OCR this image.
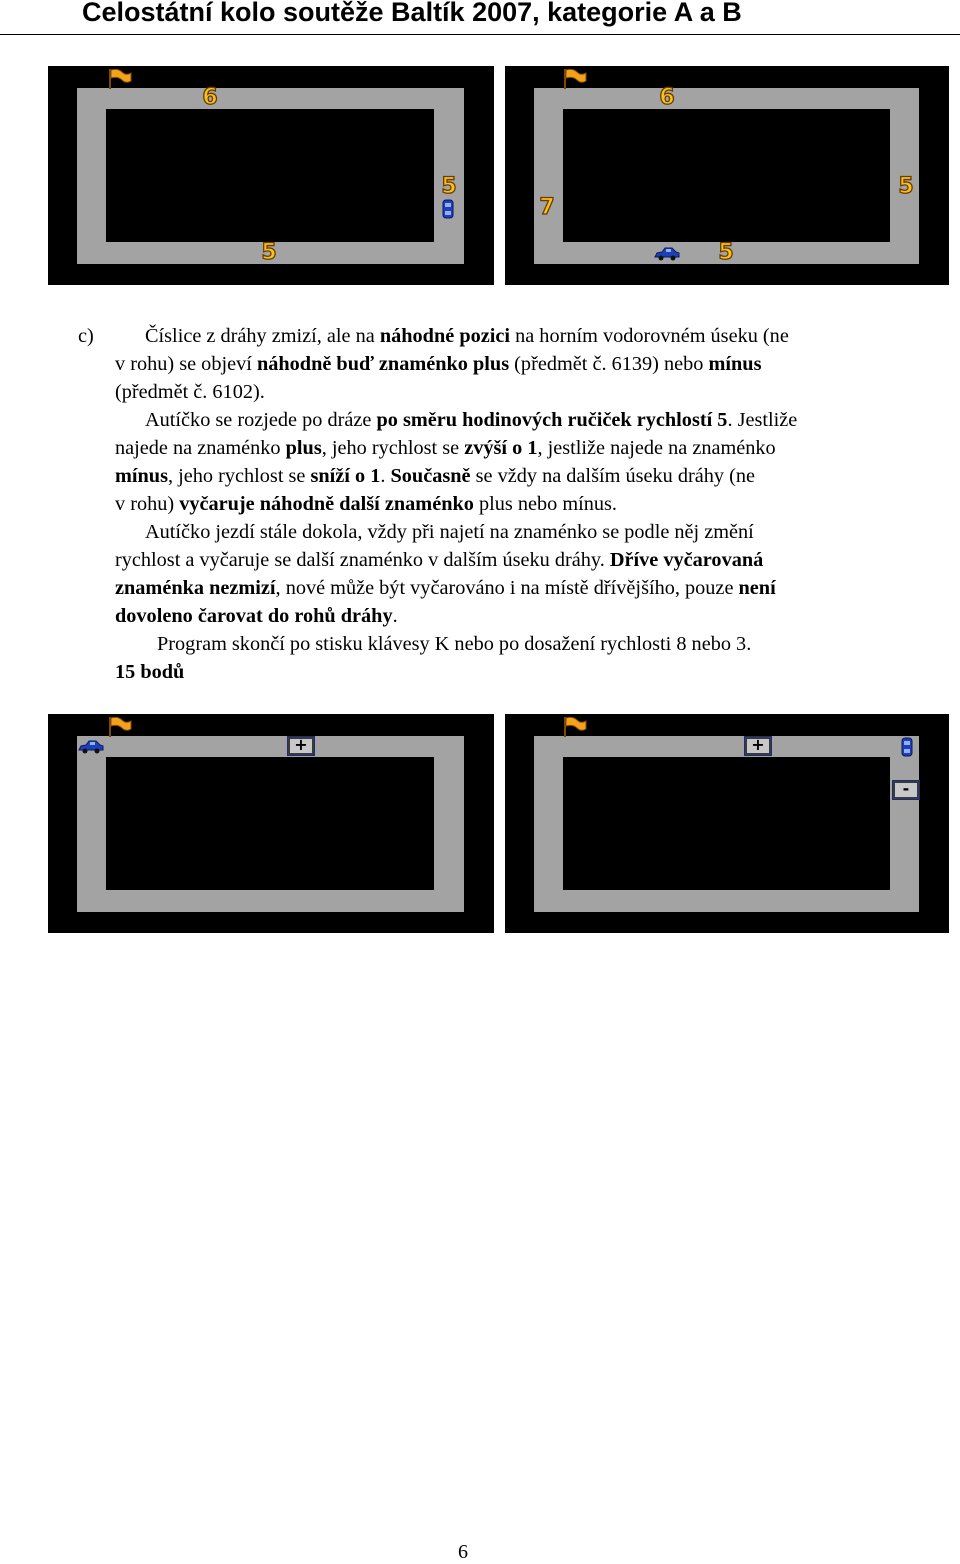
Celostátní kolo soutěže Baltík 2007, kategorie A a B
6
5
5
6
5
7
5
c)	Číslice z dráhy zmizí, ale na náhodné pozici na horním vodorovném úseku (ne

v rohu) se objeví náhodně buď znaménko plus (předmět č. 6139) nebo mínus

(předmět č. 6102).

Autíčko se rozjede po dráze po směru hodinových ručiček rychlostí 5. Jestliže

najede na znaménko plus, jeho rychlost se zvýší o 1, jestliže najede na znaménko

mínus, jeho rychlost se sníží o 1. Současně se vždy na dalším úseku dráhy (ne

v rohu) vyčaruje náhodně další znaménko plus nebo mínus.

Autíčko jezdí stále dokola, vždy při najetí na znaménko se podle něj změní

rychlost a vyčaruje se další znaménko v dalším úseku dráhy. Dříve vyčarovaná

znaménka nezmizí, nové může být vyčarováno i na místě dřívějšího, pouze není

dovoleno čarovat do rohů dráhy.

Program skončí po stisku klávesy K nebo po dosažení rychlosti 8 nebo 3.

15 bodů

+	+
-
6
